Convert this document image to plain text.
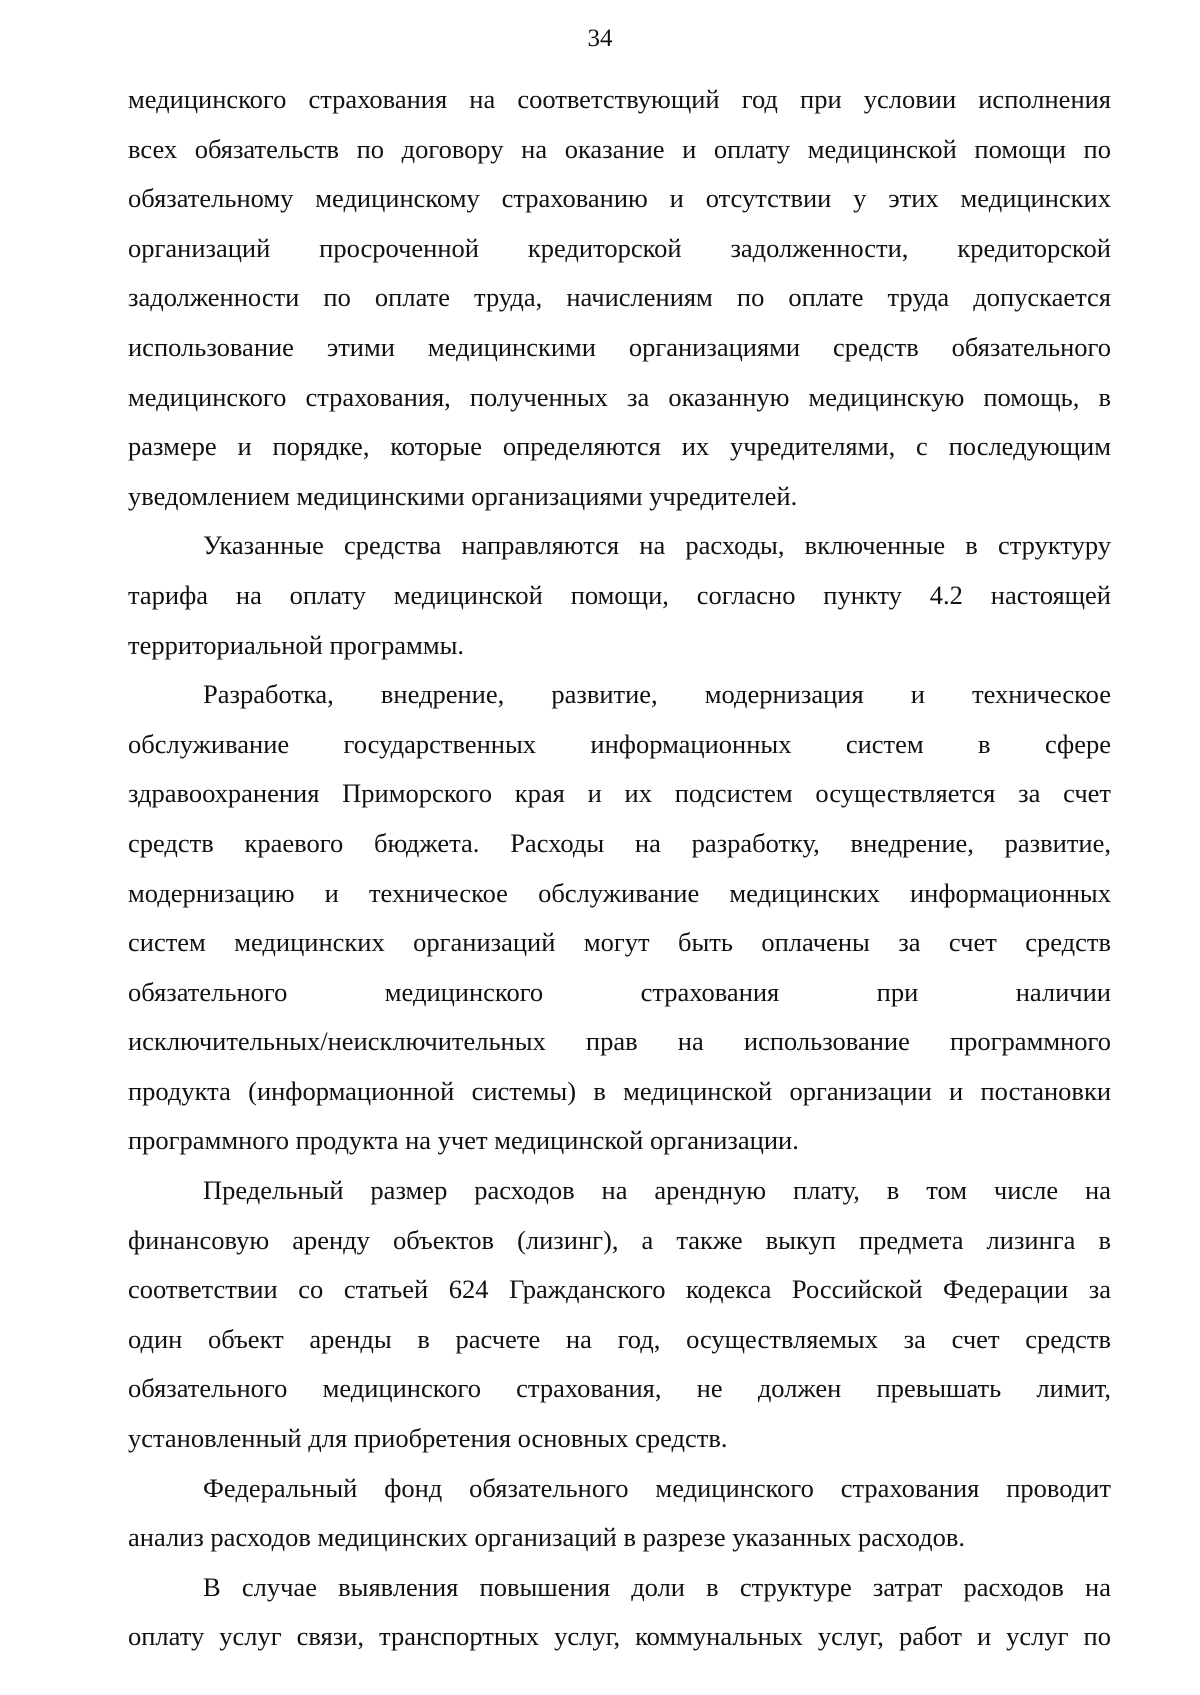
34

медицинского страхования на соответствующий год при условии исполнения
всех обязательств по договору на оказание и оплату медицинской помощи по
обязательному медицинскому страхованию и отсутствии у этих медицинских
организаций просроченной кредиторской задолженности, кредиторской
задолженности по оплате труда, начислениям по оплате труда допускается
использование этими медицинскими организациями средств обязательного
медицинского страхования, полученных за оказанную медицинскую помощь, в
размере и порядке, которые определяются их учредителями, с последующим
уведомлением медицинскими организациями учредителей.

Указанные средства направляются на расходы, включенные в структуру
тарифа на оплату медицинской помощи, согласно пункту 4.2 настоящей
территориальной программы.

Разработка, внедрение, развитие, модернизация и техническое
обслуживание государственных информационных систем в сфере
здравоохранения Приморского края и их подсистем осуществляется за счет
средств краевого бюджета. Расходы на разработку, внедрение, развитие,
модернизацию и техническое обслуживание медицинских информационных
систем медицинских организаций могут быть оплачены за счет средств
обязательного медицинского страхования при наличии
исключительных/неисключительных прав на использование программного
продукта (информационной системы) в медицинской организации и постановки
программного продукта на учет медицинской организации.

Предельный размер расходов на арендную плату, в том числе на
финансовую аренду объектов (лизинг), а также выкуп предмета лизинга в
соответствии со статьей 624 Гражданского кодекса Российской Федерации за
один объект аренды в расчете на год, осуществляемых за счет средств
обязательного медицинского страхования, не должен превышать лимит,
установленный для приобретения основных средств.

Федеральный фонд обязательного медицинского страхования проводит
анализ расходов медицинских организаций в разрезе указанных расходов.

В случае выявления повышения доли в структуре затрат расходов на
оплату услуг связи, транспортных услуг, коммунальных услуг, работ и услуг по
